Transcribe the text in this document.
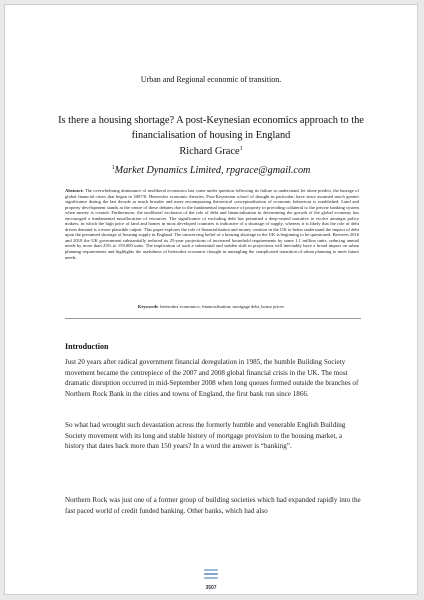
Urban and Regional economic of transition.
Is there a housing shortage? A post-Keynesian economics approach to the financialisation of housing in England
Richard Grace$^1$
$^1$Market Dynamics Limited, rpgrace@gmail.com
Abstract: The overwhelming dominance of neoliberal economics has come under question following its failure to understand, let alone predict, the barrage of global financial crises that began in 2007/8. Heterodox economic theories, Post-Keynesian school of thought in particular, have since assumed much greater significance during the last decade as much broader and more encompassing theoretical conceptualisation of economic behaviour is established. Land and property development stands at the centre of these debates due to the fundamental importance of property in providing collateral to the private banking system when money is created. Furthermore, the neoliberal exclusion of the role of debt and financialisation in determining the growth of the global economy has encouraged a fundamental misallocation of resources. The significance of excluding debt has permitted a deep-seated narrative to evolve amongst policy makers, in which the high price of land and homes in most developed countries is indicative of a shortage of supply, whereas it is likely that the role of debt driven demand is a more plausible culprit. This paper explores the role of financialisation and money creation in the UK to better understand the impact of debt upon the presumed shortage of housing supply in England. The unswerving belief of a housing shortage in the UK is beginning to be questioned. Between 2016 and 2018 the UK government substantially reduced its 25-year projections of increased household requirements by some 1.1 million units, reducing annual needs by more than 25% to 159,000 units. The implication of such a substantial and sudden shift in projections will inevitably have a broad impact on urban planning requirements and highlights the usefulness of heterodox economic thought in untangling the complicated transition of urban planning to meet future needs.
Keywords: heterodox economics; financialisation; mortgage debt, house prices
Introduction
Just 20 years after radical government financial deregulation in 1985, the humble Building Society movement became the centrepiece of the 2007 and 2008 global financial crisis in the UK. The most dramatic disruption occurred in mid-September 2008 when long queues formed outside the branches of Northern Rock Bank in the cities and towns of England, the first bank run since 1866.
So what had wrought such devastation across the formerly humble and venerable English Building Society movement with its long and stable history of mortgage provision to the housing market, a history that dates back more than 150 years? In a word the answer is “banking”.
Northern Rock was just one of a former group of building societies which had expanded rapidly into the fast paced world of credit funded banking. Other banks, which had also
3507
